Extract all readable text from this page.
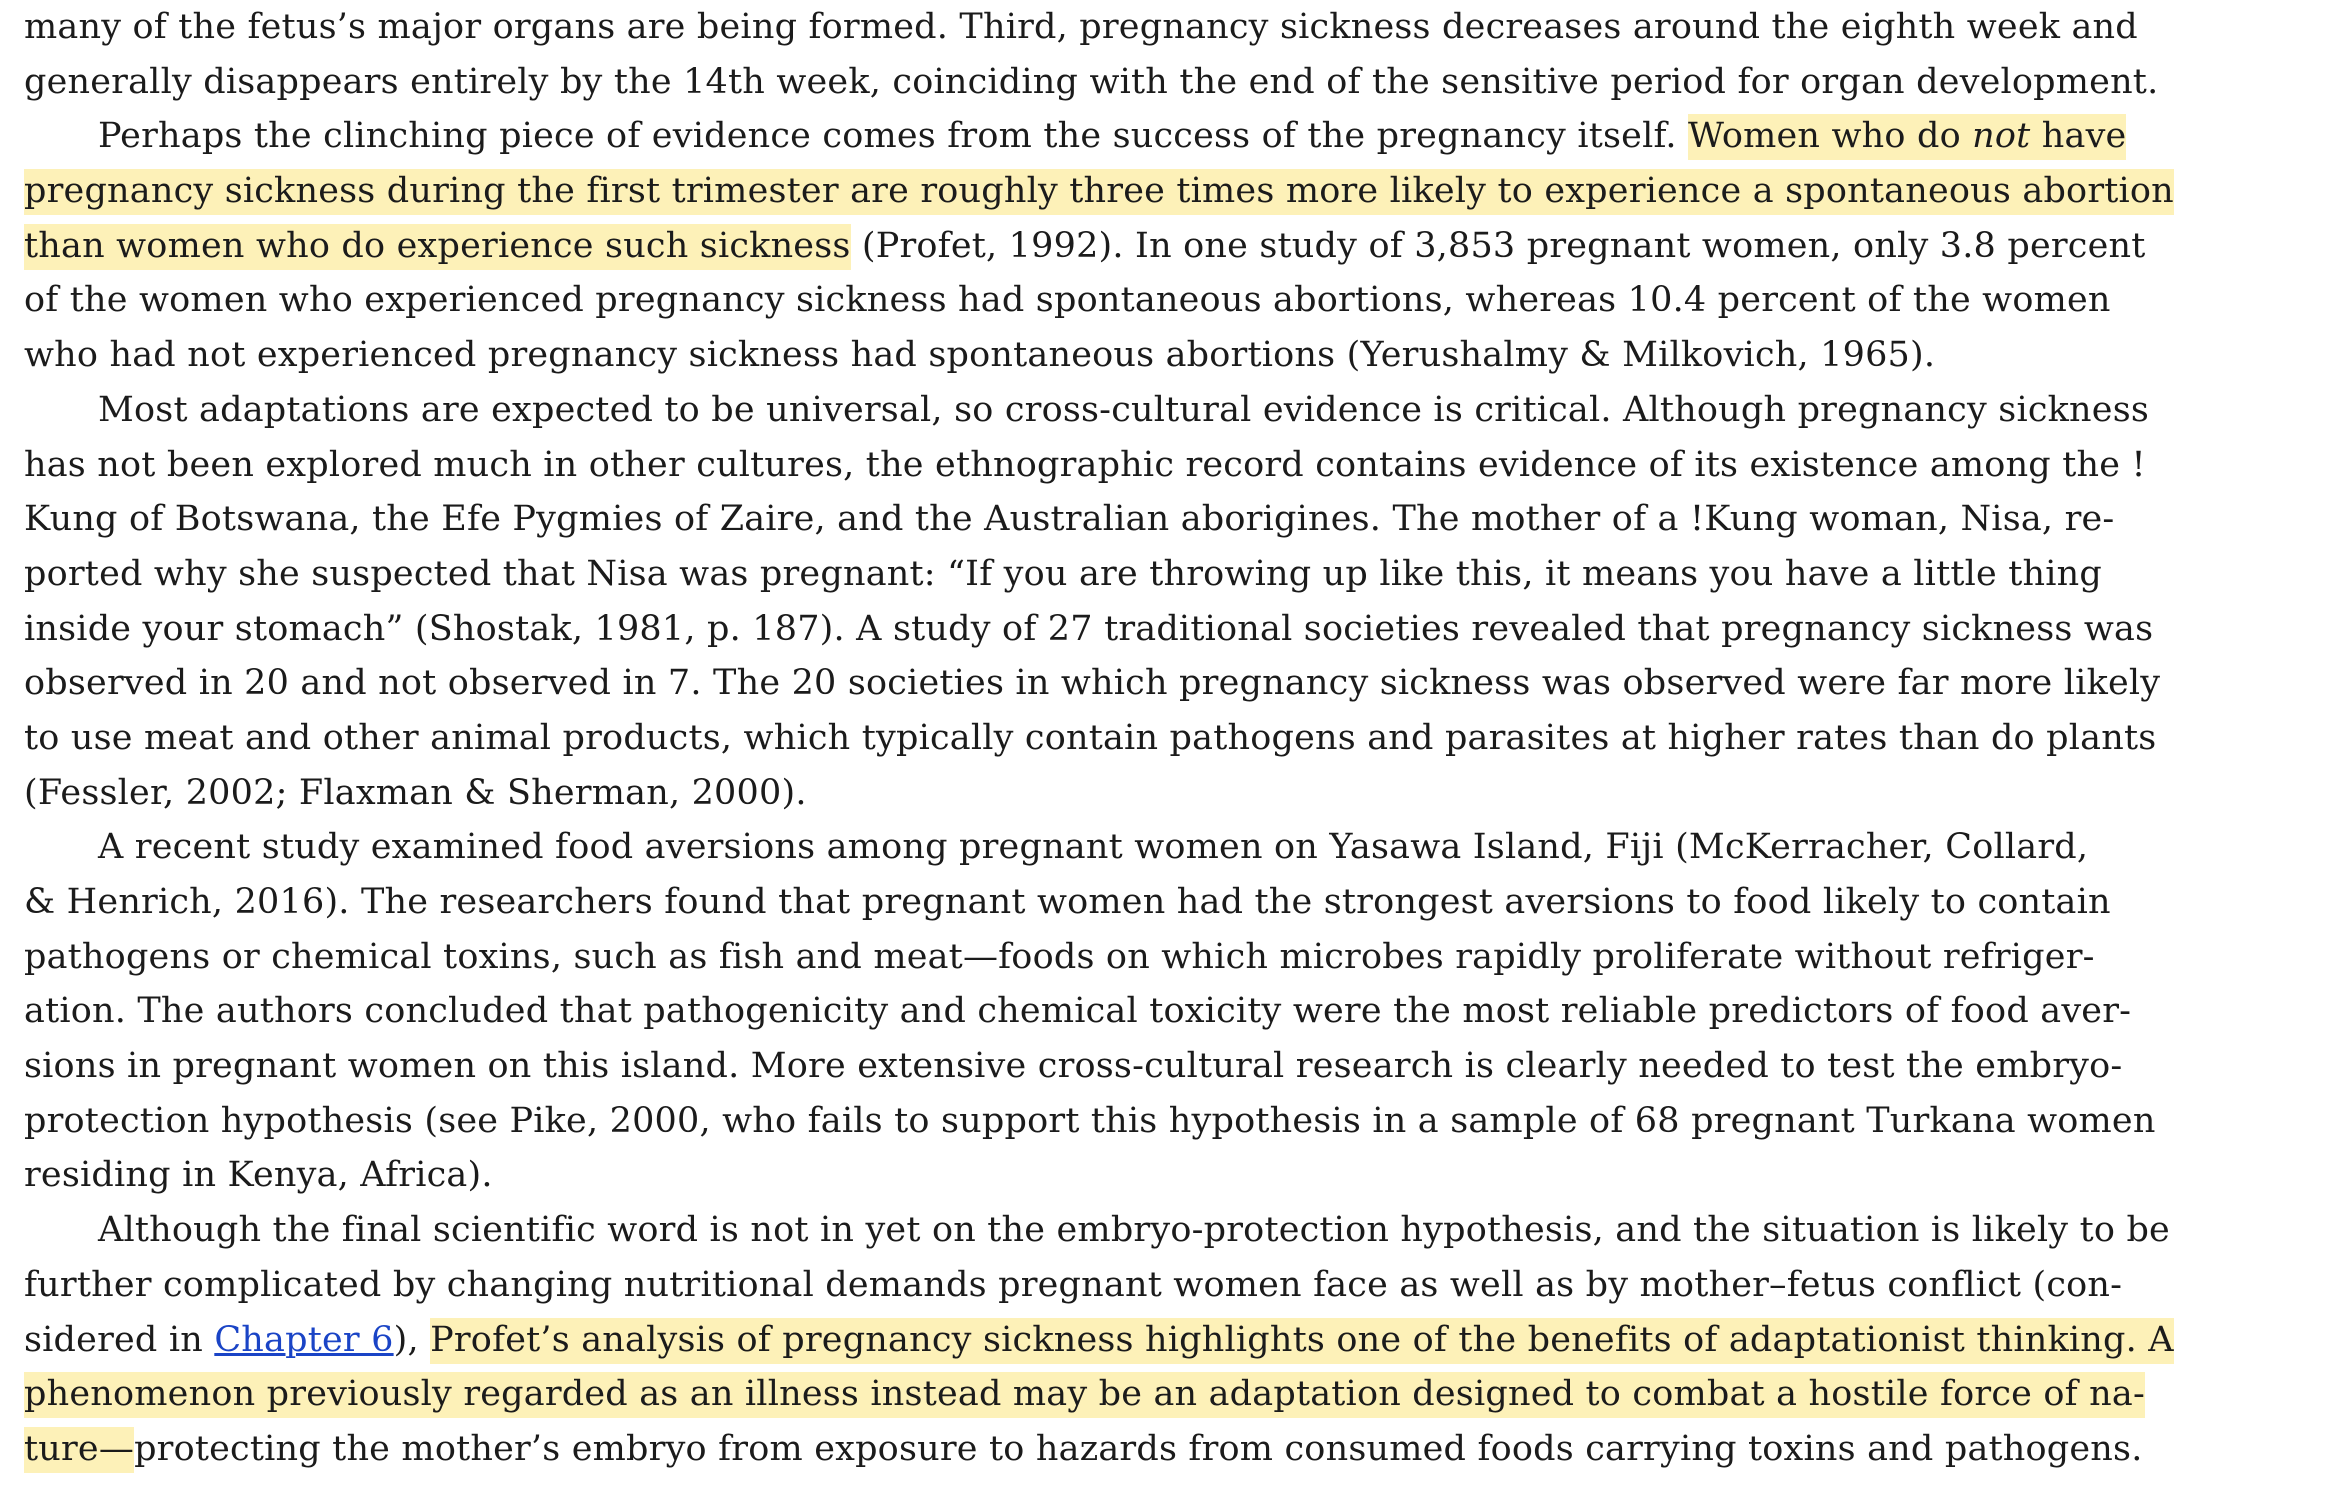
many of the fetus’s major organs are being formed. Third, pregnancy sickness decreases around the eighth week and
generally disappears entirely by the 14th week, coinciding with the end of the sensitive period for organ development.
Perhaps the clinching piece of evidence comes from the success of the pregnancy itself. Women who do not have
pregnancy sickness during the first trimester are roughly three times more likely to experience a spontaneous abortion
than women who do experience such sickness (Profet, 1992). In one study of 3,853 pregnant women, only 3.8 percent
of the women who experienced pregnancy sickness had spontaneous abortions, whereas 10.4 percent of the women
who had not experienced pregnancy sickness had spontaneous abortions (Yerushalmy & Milkovich, 1965).
Most adaptations are expected to be universal, so cross-cultural evidence is critical. Although pregnancy sickness
has not been explored much in other cultures, the ethnographic record contains evidence of its existence among the !
Kung of Botswana, the Efe Pygmies of Zaire, and the Australian aborigines. The mother of a !Kung woman, Nisa, re-
ported why she suspected that Nisa was pregnant: “If you are throwing up like this, it means you have a little thing
inside your stomach” (Shostak, 1981, p. 187). A study of 27 traditional societies revealed that pregnancy sickness was
observed in 20 and not observed in 7. The 20 societies in which pregnancy sickness was observed were far more likely
to use meat and other animal products, which typically contain pathogens and parasites at higher rates than do plants
(Fessler, 2002; Flaxman & Sherman, 2000).
A recent study examined food aversions among pregnant women on Yasawa Island, Fiji (McKerracher, Collard,
& Henrich, 2016). The researchers found that pregnant women had the strongest aversions to food likely to contain
pathogens or chemical toxins, such as fish and meat—foods on which microbes rapidly proliferate without refriger-
ation. The authors concluded that pathogenicity and chemical toxicity were the most reliable predictors of food aver-
sions in pregnant women on this island. More extensive cross-cultural research is clearly needed to test the embryo-
protection hypothesis (see Pike, 2000, who fails to support this hypothesis in a sample of 68 pregnant Turkana women
residing in Kenya, Africa).
Although the final scientific word is not in yet on the embryo-protection hypothesis, and the situation is likely to be
further complicated by changing nutritional demands pregnant women face as well as by mother–fetus conflict (con-
sidered in Chapter 6), Profet’s analysis of pregnancy sickness highlights one of the benefits of adaptationist thinking. A
phenomenon previously regarded as an illness instead may be an adaptation designed to combat a hostile force of na-
ture—protecting the mother’s embryo from exposure to hazards from consumed foods carrying toxins and pathogens.
